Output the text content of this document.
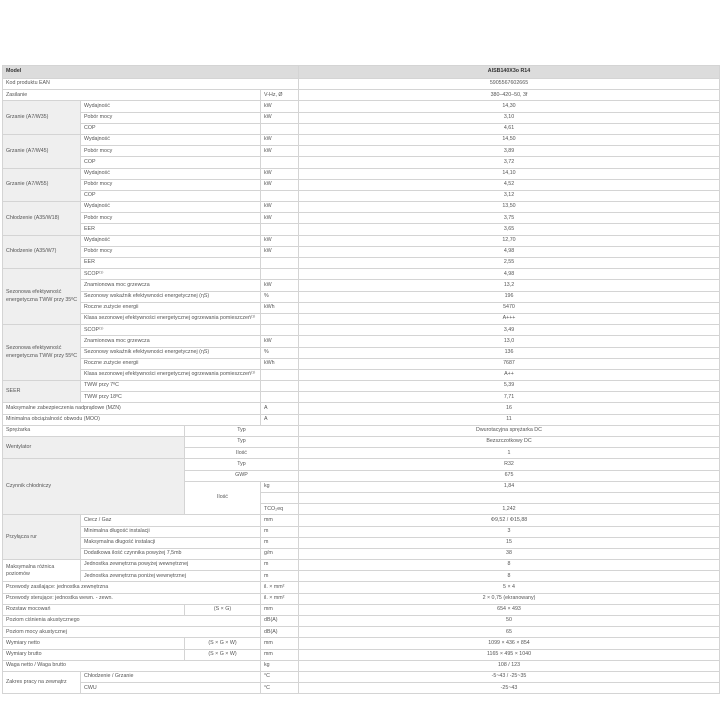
Model				AISB140X3o R14
Kod produktu EAN				5905567602665
Zasilanie			V-Hz, Ø	380–420–50, 3f
Grzanie (A7/W35)	Wydajność		kW	14,30
	Pobór mocy		kW	3,10
	COP			4,61
Grzanie (A7/W45)	Wydajność		kW	14,50
	Pobór mocy		kW	3,89
	COP			3,72
Grzanie (A7/W55)	Wydajność		kW	14,10
	Pobór mocy		kW	4,52
	COP			3,12
Chłodzenie (A35/W18)	Wydajność		kW	13,50
	Pobór mocy		kW	3,75
	EER			3,65
Chłodzenie (A35/W7)	Wydajność		kW	12,70
	Pobór mocy		kW	4,98
	EER			2,55
Sezonowa efektywność energetyczna TWW przy 35ºC	SCOP⁽¹⁾			4,98
	Znamionowa moc grzewcza		kW	13,2
	Sezonowy wskaźnik efektywności energetycznej (ηS)		%	196
	Roczne zużycie energii		kWh	5470
	Klasa sezonowej efektywności energetycznej ogrzewania pomieszczeń⁽¹⁾			A+++
Sezonowa efektywność energetyczna TWW przy 55ºC	SCOP⁽¹⁾			3,49
	Znamionowa moc grzewcza		kW	13,0
	Sezonowy wskaźnik efektywności energetycznej (ηS)		%	136
	Roczne zużycie energii		kWh	7687
	Klasa sezonowej efektywności energetycznej ogrzewania pomieszczeń⁽¹⁾			A++
SEER	TWW przy 7ºC			5,39
	TWW przy 18ºC			7,71
Maksymalne zabezpieczenia nadprądowe (MZN)			A	16
Minimalna obciążalność obwodu (MOO)			A	11
Sprężarka		Typ		Dwurotacyjna sprężarka DC
Wentylator		Typ		Bezszczotkowy DC
		Ilość		1
Czynnik chłodniczy		Typ		R32
		GWP		675
		Ilość	kg	1,84

			TCO₂eq	1,242
Przyłącza rur	Ciecz / Gaz		mm	Φ9,52 / Φ15,88
	Minimalna długość instalacji		m	3
	Maksymalna długość instalacji		m	15
	Dodatkowa ilość czynnika powyżej 7,5mb		g/m	38
Maksymalna różnica poziomów	Jednostka zewnętrzna powyżej wewnętrznej		m	8
	Jednostka zewnętrzna poniżej wewnętrznej		m	8
Przewody zasilające: jednostka zewnętrzna			il. × mm²	5 × 4
Przewody sterujące: jednostka wewn. - zewn.			il. × mm²	2 × 0,75 (ekranowany)
Rozstaw mocowań		(S × G)	mm	654 × 493
Poziom ciśnienia akustycznego			dB(A)	50
Poziom mocy akustycznej			dB(A)	65
Wymiary netto		(S × G × W)	mm	1099 × 436 × 854
Wymiary brutto		(S × G × W)	mm	1165 × 495 × 1040
Waga netto / Waga brutto			kg	108 / 123
Zakres pracy na zewnątrz	Chłodzenie / Grzanie		°C	-5~43 / -25~35
	CWU		°C	-25~43
